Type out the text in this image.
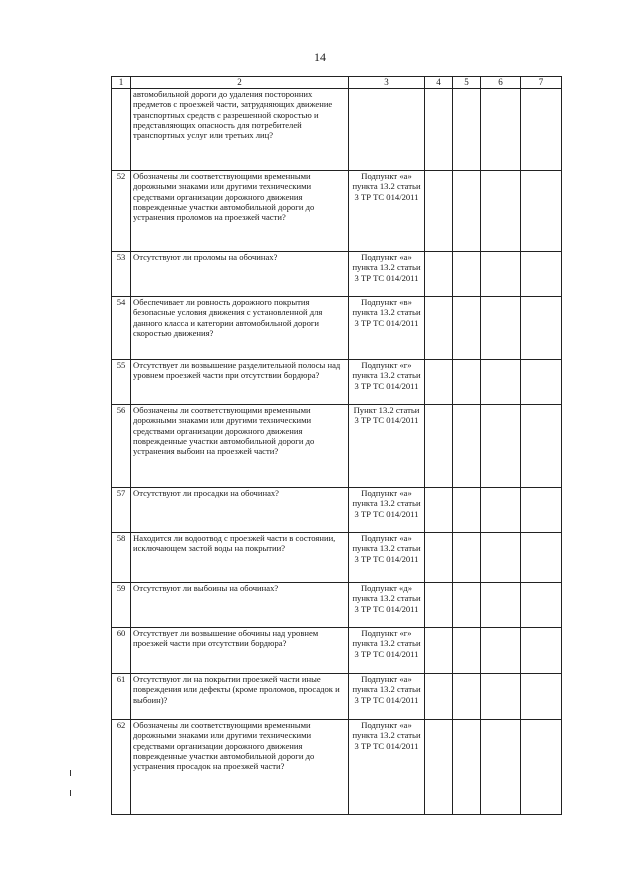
14
1	2	3	4	5	6	7
	автомобильной дороги до удаления посторонних предметов с проезжей части, затрудняющих движение транспортных средств с разрешенной скоростью и представляющих опасность для потребителей транспортных услуг или третьих лиц?					
52	Обозначены ли соответствующими временными дорожными знаками или другими техническими средствами организации дорожного движения поврежденные участки автомобильной дороги до устранения проломов на проезжей части?	Подпункт «а» пункта 13.2 статьи 3 ТР ТС 014/2011				
53	Отсутствуют ли проломы на обочинах?	Подпункт «а» пункта 13.2 статьи 3 ТР ТС 014/2011				
54	Обеспечивает ли ровность дорожного покрытия безопасные условия движения с установленной для данного класса и категории автомобильной дороги скоростью движения?	Подпункт «в» пункта 13.2 статьи 3 ТР ТС 014/2011				
55	Отсутствует ли возвышение разделительной полосы над уровнем проезжей части при отсутствии бордюра?	Подпункт «г» пункта 13.2 статьи 3 ТР ТС 014/2011				
56	Обозначены ли соответствующими временными дорожными знаками или другими техническими средствами организации дорожного движения поврежденные участки автомобильной дороги до устранения выбоин на проезжей части?	Пункт 13.2 статьи 3 ТР ТС 014/2011				
57	Отсутствуют ли просадки на обочинах?	Подпункт «а» пункта 13.2 статьи 3 ТР ТС 014/2011				
58	Находится ли водоотвод с проезжей части в состоянии, исключающем застой воды на покрытии?	Подпункт «а» пункта 13.2 статьи 3 ТР ТС 014/2011				
59	Отсутствуют ли выбоины на обочинах?	Подпункт «д» пункта 13.2 статьи 3 ТР ТС 014/2011				
60	Отсутствует ли возвышение обочины над уровнем проезжей части при отсутствии бордюра?	Подпункт «г» пункта 13.2 статьи 3 ТР ТС 014/2011				
61	Отсутствуют ли на покрытии проезжей части иные повреждения или дефекты (кроме проломов, просадок и выбоин)?	Подпункт «а» пункта 13.2 статьи 3 ТР ТС 014/2011				
62	Обозначены ли соответствующими временными дорожными знаками или другими техническими средствами организации дорожного движения поврежденные участки автомобильной дороги до устранения просадок на проезжей части?	Подпункт «а» пункта 13.2 статьи 3 ТР ТС 014/2011				
